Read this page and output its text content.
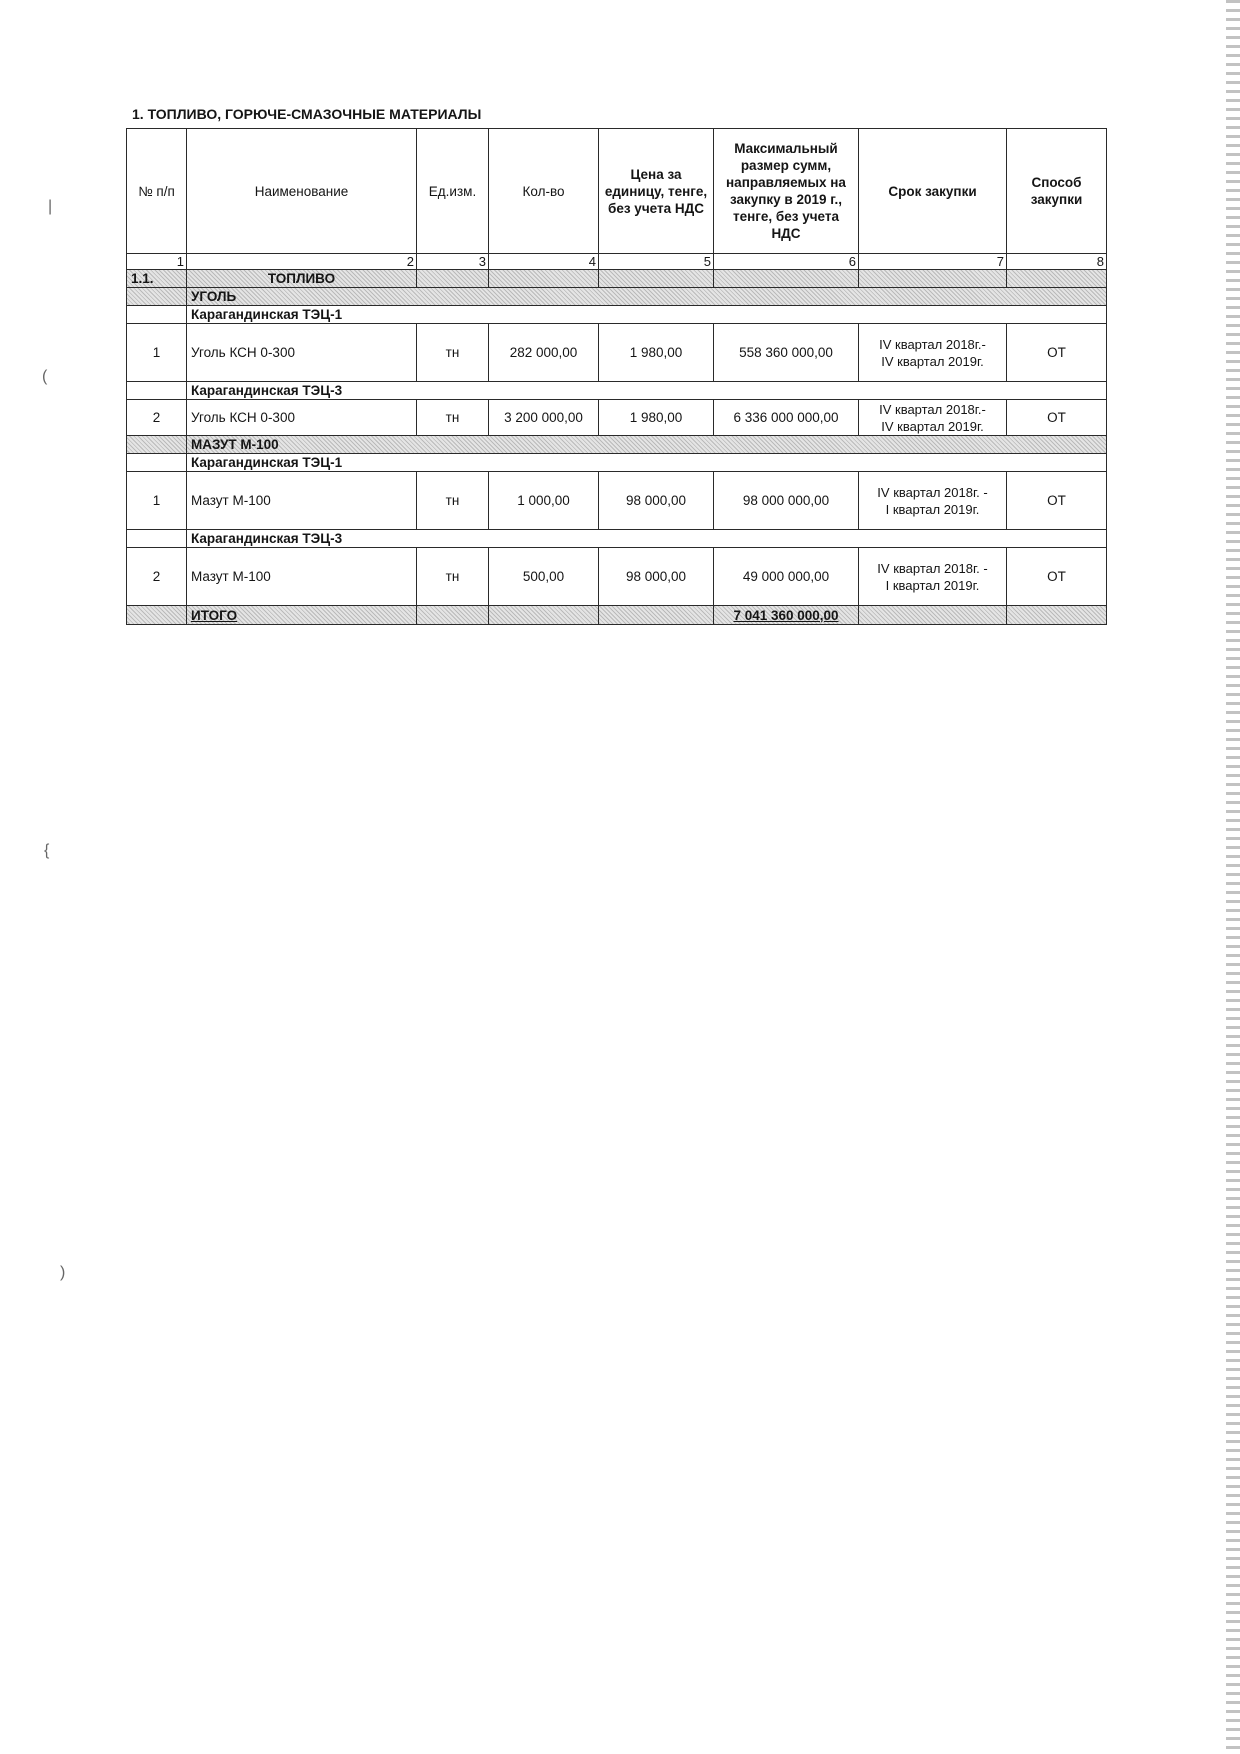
1. ТОПЛИВО, ГОРЮЧЕ-СМАЗОЧНЫЕ МАТЕРИАЛЫ
№ п/п	Наименование	Ед.изм.	Кол-во	Цена за единицу, тенге, без учета НДС	Максимальный размер сумм, направляемых на закупку в 2019 г., тенге, без учета НДС	Срок закупки	Способ закупки
1	2	3	4	5	6	7	8
1.1.	ТОПЛИВО						
	УГОЛЬ						
	Карагандинская ТЭЦ-1						
1	Уголь КСН 0-300	тн	282 000,00	1 980,00	558 360 000,00	IV квартал 2018г.-
IV квартал 2019г.	ОТ
	Карагандинская ТЭЦ-3						
2	Уголь КСН 0-300	тн	3 200 000,00	1 980,00	6 336 000 000,00	IV квартал 2018г.-
IV квартал 2019г.	ОТ
	МАЗУТ М-100						
	Карагандинская ТЭЦ-1						
1	Мазут М-100	тн	1 000,00	98 000,00	98 000 000,00	IV квартал 2018г. -
I квартал 2019г.	ОТ
	Карагандинская ТЭЦ-3						
2	Мазут М-100	тн	500,00	98 000,00	49 000 000,00	IV квартал 2018г. -
I квартал 2019г.	ОТ
	ИТОГО				7 041 360 000,00		
|
(
{
)
